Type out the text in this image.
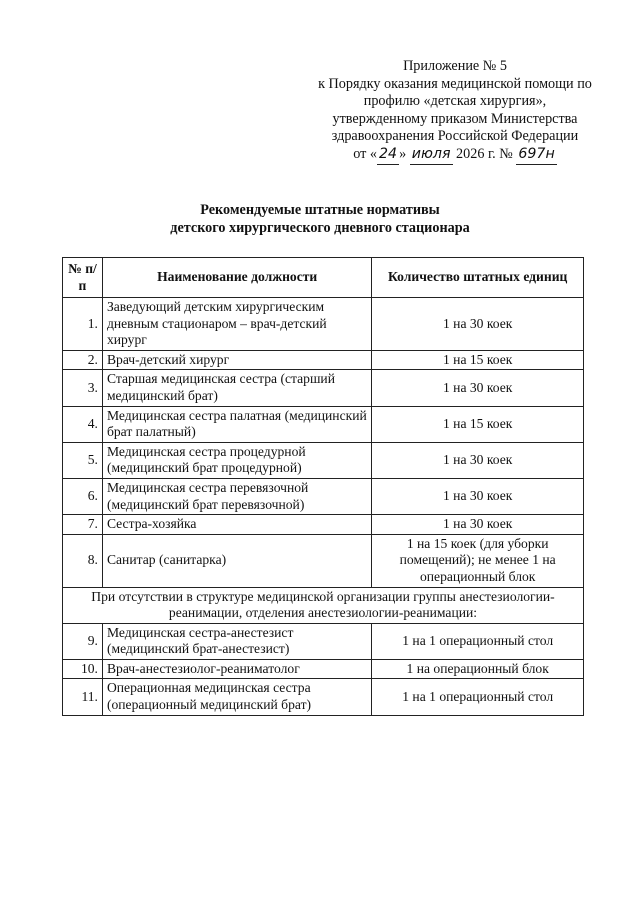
Приложение № 5
к Порядку оказания медицинской помощи по
профилю «детская хирургия»,
утвержденному приказом Министерства
здравоохранения Российской Федерации
от « 24 » июля 2026 г. № 697н
Рекомендуемые штатные нормативы
детского хирургического дневного стационара
№ п/п	Наименование должности	Количество штатных единиц
1.	Заведующий детским хирургическим дневным стационаром – врач-детский хирург	1 на 30 коек
2.	Врач-детский хирург	1 на 15 коек
3.	Старшая медицинская сестра (старший медицинский брат)	1 на 30 коек
4.	Медицинская сестра палатная (медицинский брат палатный)	1 на 15 коек
5.	Медицинская сестра процедурной (медицинский брат процедурной)	1 на 30 коек
6.	Медицинская сестра перевязочной (медицинский брат перевязочной)	1 на 30 коек
7.	Сестра-хозяйка	1 на 30 коек
8.	Санитар (санитарка)	1 на 15 коек (для уборки помещений); не менее 1 на операционный блок
При отсутствии в структуре медицинской организации группы анестезиологии-реанимации, отделения анестезиологии-реанимации:		
9.	Медицинская сестра-анестезист (медицинский брат-анестезист)	1 на 1 операционный стол
10.	Врач-анестезиолог-реаниматолог	1 на операционный блок
11.	Операционная медицинская сестра (операционный медицинский брат)	1 на 1 операционный стол
